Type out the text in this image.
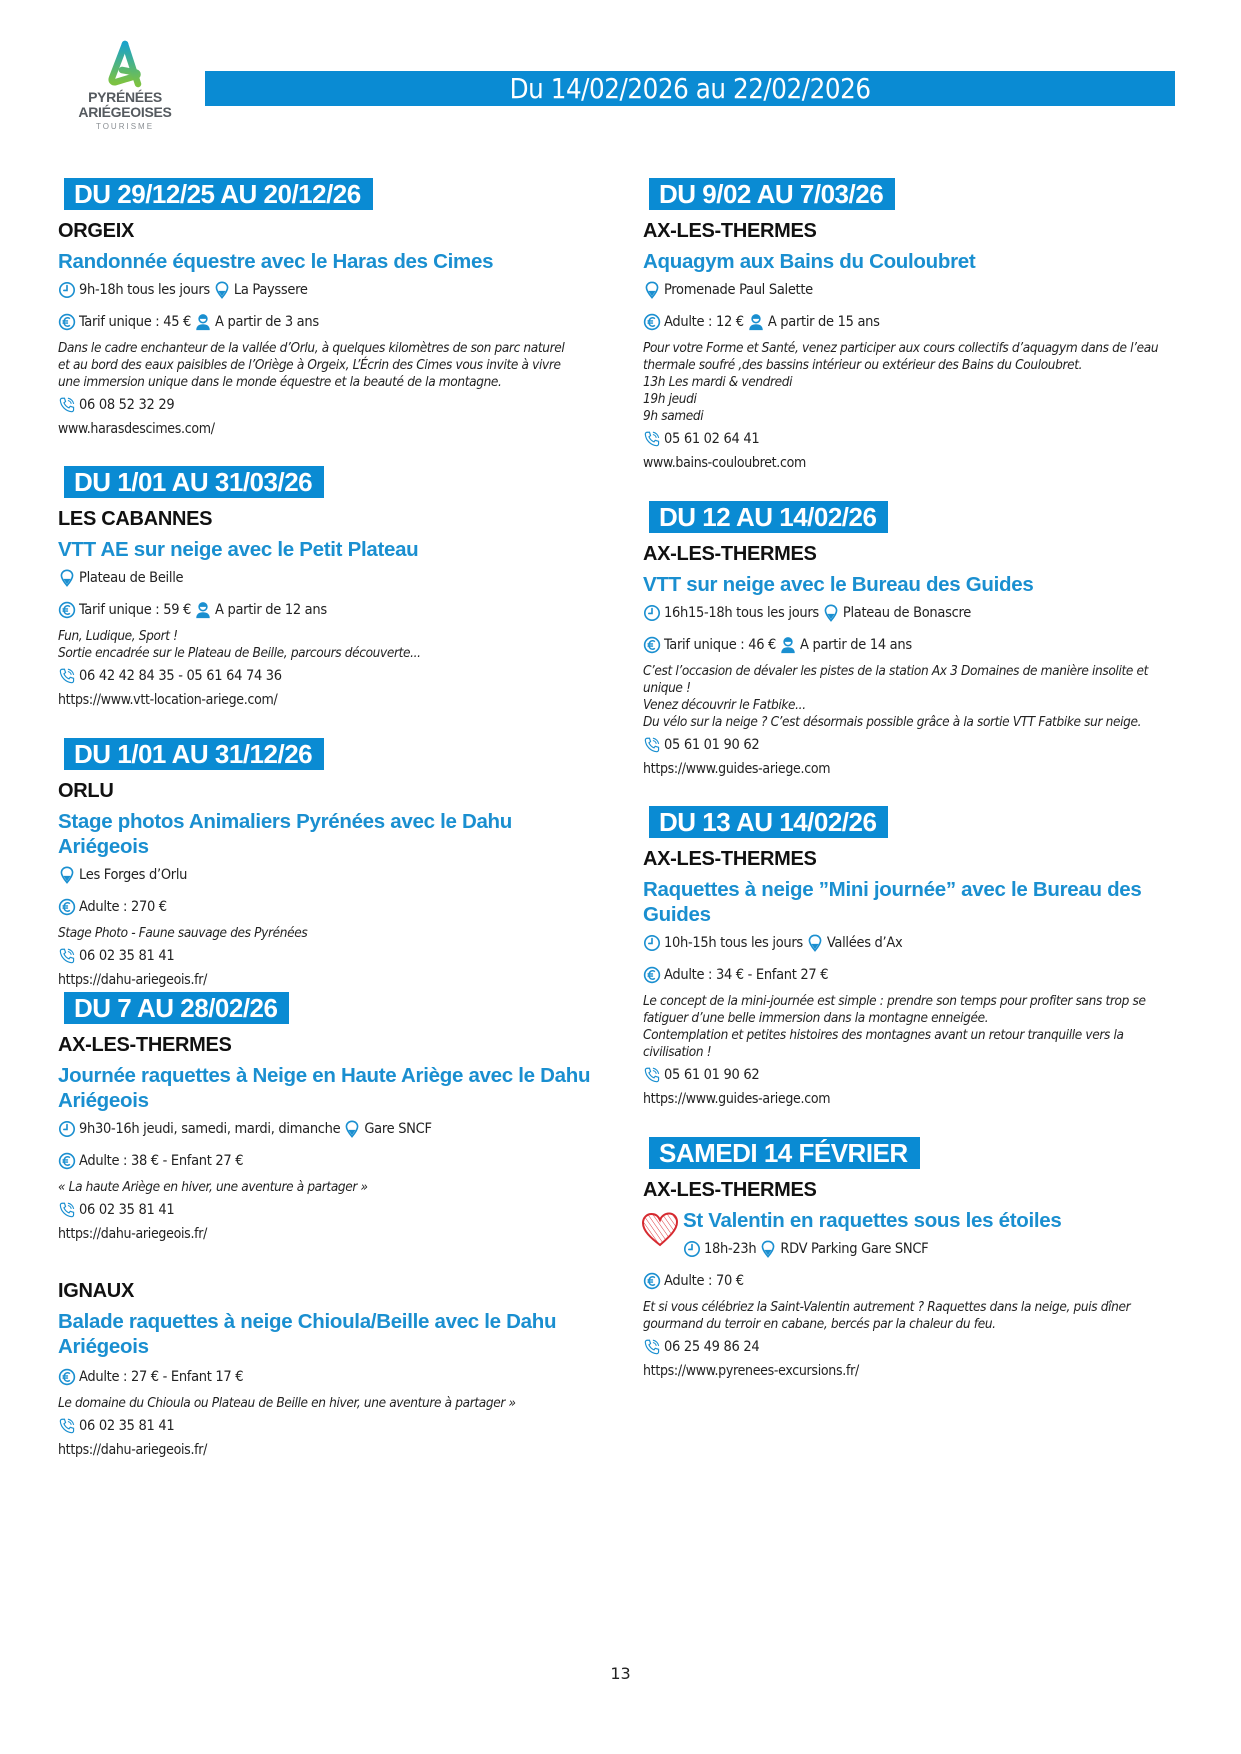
PYRÉNÉES
ARIÉGEOISES
TOURISME
Du 14/02/2026 au 22/02/2026
DU 29/12/25 AU 20/12/26
ORGEIX
Randonnée équestre avec le Haras des Cimes
9h-18h tous les jours La Payssere
Tarif unique : 45 € A partir de 3 ans
Dans le cadre enchanteur de la vallée d’Orlu, à quelques kilomètres de son parc naturel
et au bord des eaux paisibles de l’Oriège à Orgeix, L’Écrin des Cimes vous invite à vivre
une immersion unique dans le monde équestre et la beauté de la montagne.
06 08 52 32 29
www.harasdescimes.com/
DU 1/01 AU 31/03/26
LES CABANNES
VTT AE sur neige avec le Petit Plateau
Plateau de Beille
Tarif unique : 59 € A partir de 12 ans
Fun, Ludique, Sport !
Sortie encadrée sur le Plateau de Beille, parcours découverte...
06 42 42 84 35 - 05 61 64 74 36
https://www.vtt-location-ariege.com/
DU 1/01 AU 31/12/26
ORLU
Stage photos Animaliers Pyrénées avec le Dahu Ariégeois
Les Forges d’Orlu
Adulte : 270 €
Stage Photo - Faune sauvage des Pyrénées
06 02 35 81 41
https://dahu-ariegeois.fr/
DU 7 AU 28/02/26
AX-LES-THERMES
Journée raquettes à Neige en Haute Ariège avec le Dahu
Ariégeois
9h30-16h jeudi, samedi, mardi, dimanche Gare SNCF
Adulte : 38 € - Enfant 27 €
« La haute Ariège en hiver, une aventure à partager »
06 02 35 81 41
https://dahu-ariegeois.fr/
IGNAUX
Balade raquettes à neige Chioula/Beille avec le Dahu
Ariégeois
Adulte : 27 € - Enfant 17 €
Le domaine du Chioula ou Plateau de Beille en hiver, une aventure à partager »
06 02 35 81 41
https://dahu-ariegeois.fr/
DU 9/02 AU 7/03/26
AX-LES-THERMES
Aquagym aux Bains du Couloubret
Promenade Paul Salette
Adulte : 12 € A partir de 15 ans
Pour votre Forme et Santé, venez participer aux cours collectifs d’aquagym dans de l’eau
thermale soufré ,des bassins intérieur ou extérieur des Bains du Couloubret.
13h Les mardi & vendredi
19h jeudi
9h samedi
05 61 02 64 41
www.bains-couloubret.com
DU 12 AU 14/02/26
AX-LES-THERMES
VTT sur neige avec le Bureau des Guides
16h15-18h tous les jours Plateau de Bonascre
Tarif unique : 46 € A partir de 14 ans
C’est l’occasion de dévaler les pistes de la station Ax 3 Domaines de manière insolite et
unique !
Venez découvrir le Fatbike...
Du vélo sur la neige ? C’est désormais possible grâce à la sortie VTT Fatbike sur neige.
05 61 01 90 62
https://www.guides-ariege.com
DU 13 AU 14/02/26
AX-LES-THERMES
Raquettes à neige ”Mini journée” avec le Bureau des
Guides
10h-15h tous les jours Vallées d’Ax
Adulte : 34 € - Enfant 27 €
Le concept de la mini-journée est simple : prendre son temps pour profiter sans trop se
fatiguer d’une belle immersion dans la montagne enneigée.
Contemplation et petites histoires des montagnes avant un retour tranquille vers la
civilisation !
05 61 01 90 62
https://www.guides-ariege.com
SAMEDI 14 FÉVRIER
AX-LES-THERMES
St Valentin en raquettes sous les étoiles
18h-23h RDV Parking Gare SNCF
Adulte : 70 €
Et si vous célébriez la Saint-Valentin autrement ? Raquettes dans la neige, puis dîner
gourmand du terroir en cabane, bercés par la chaleur du feu.
06 25 49 86 24
https://www.pyrenees-excursions.fr/
13
